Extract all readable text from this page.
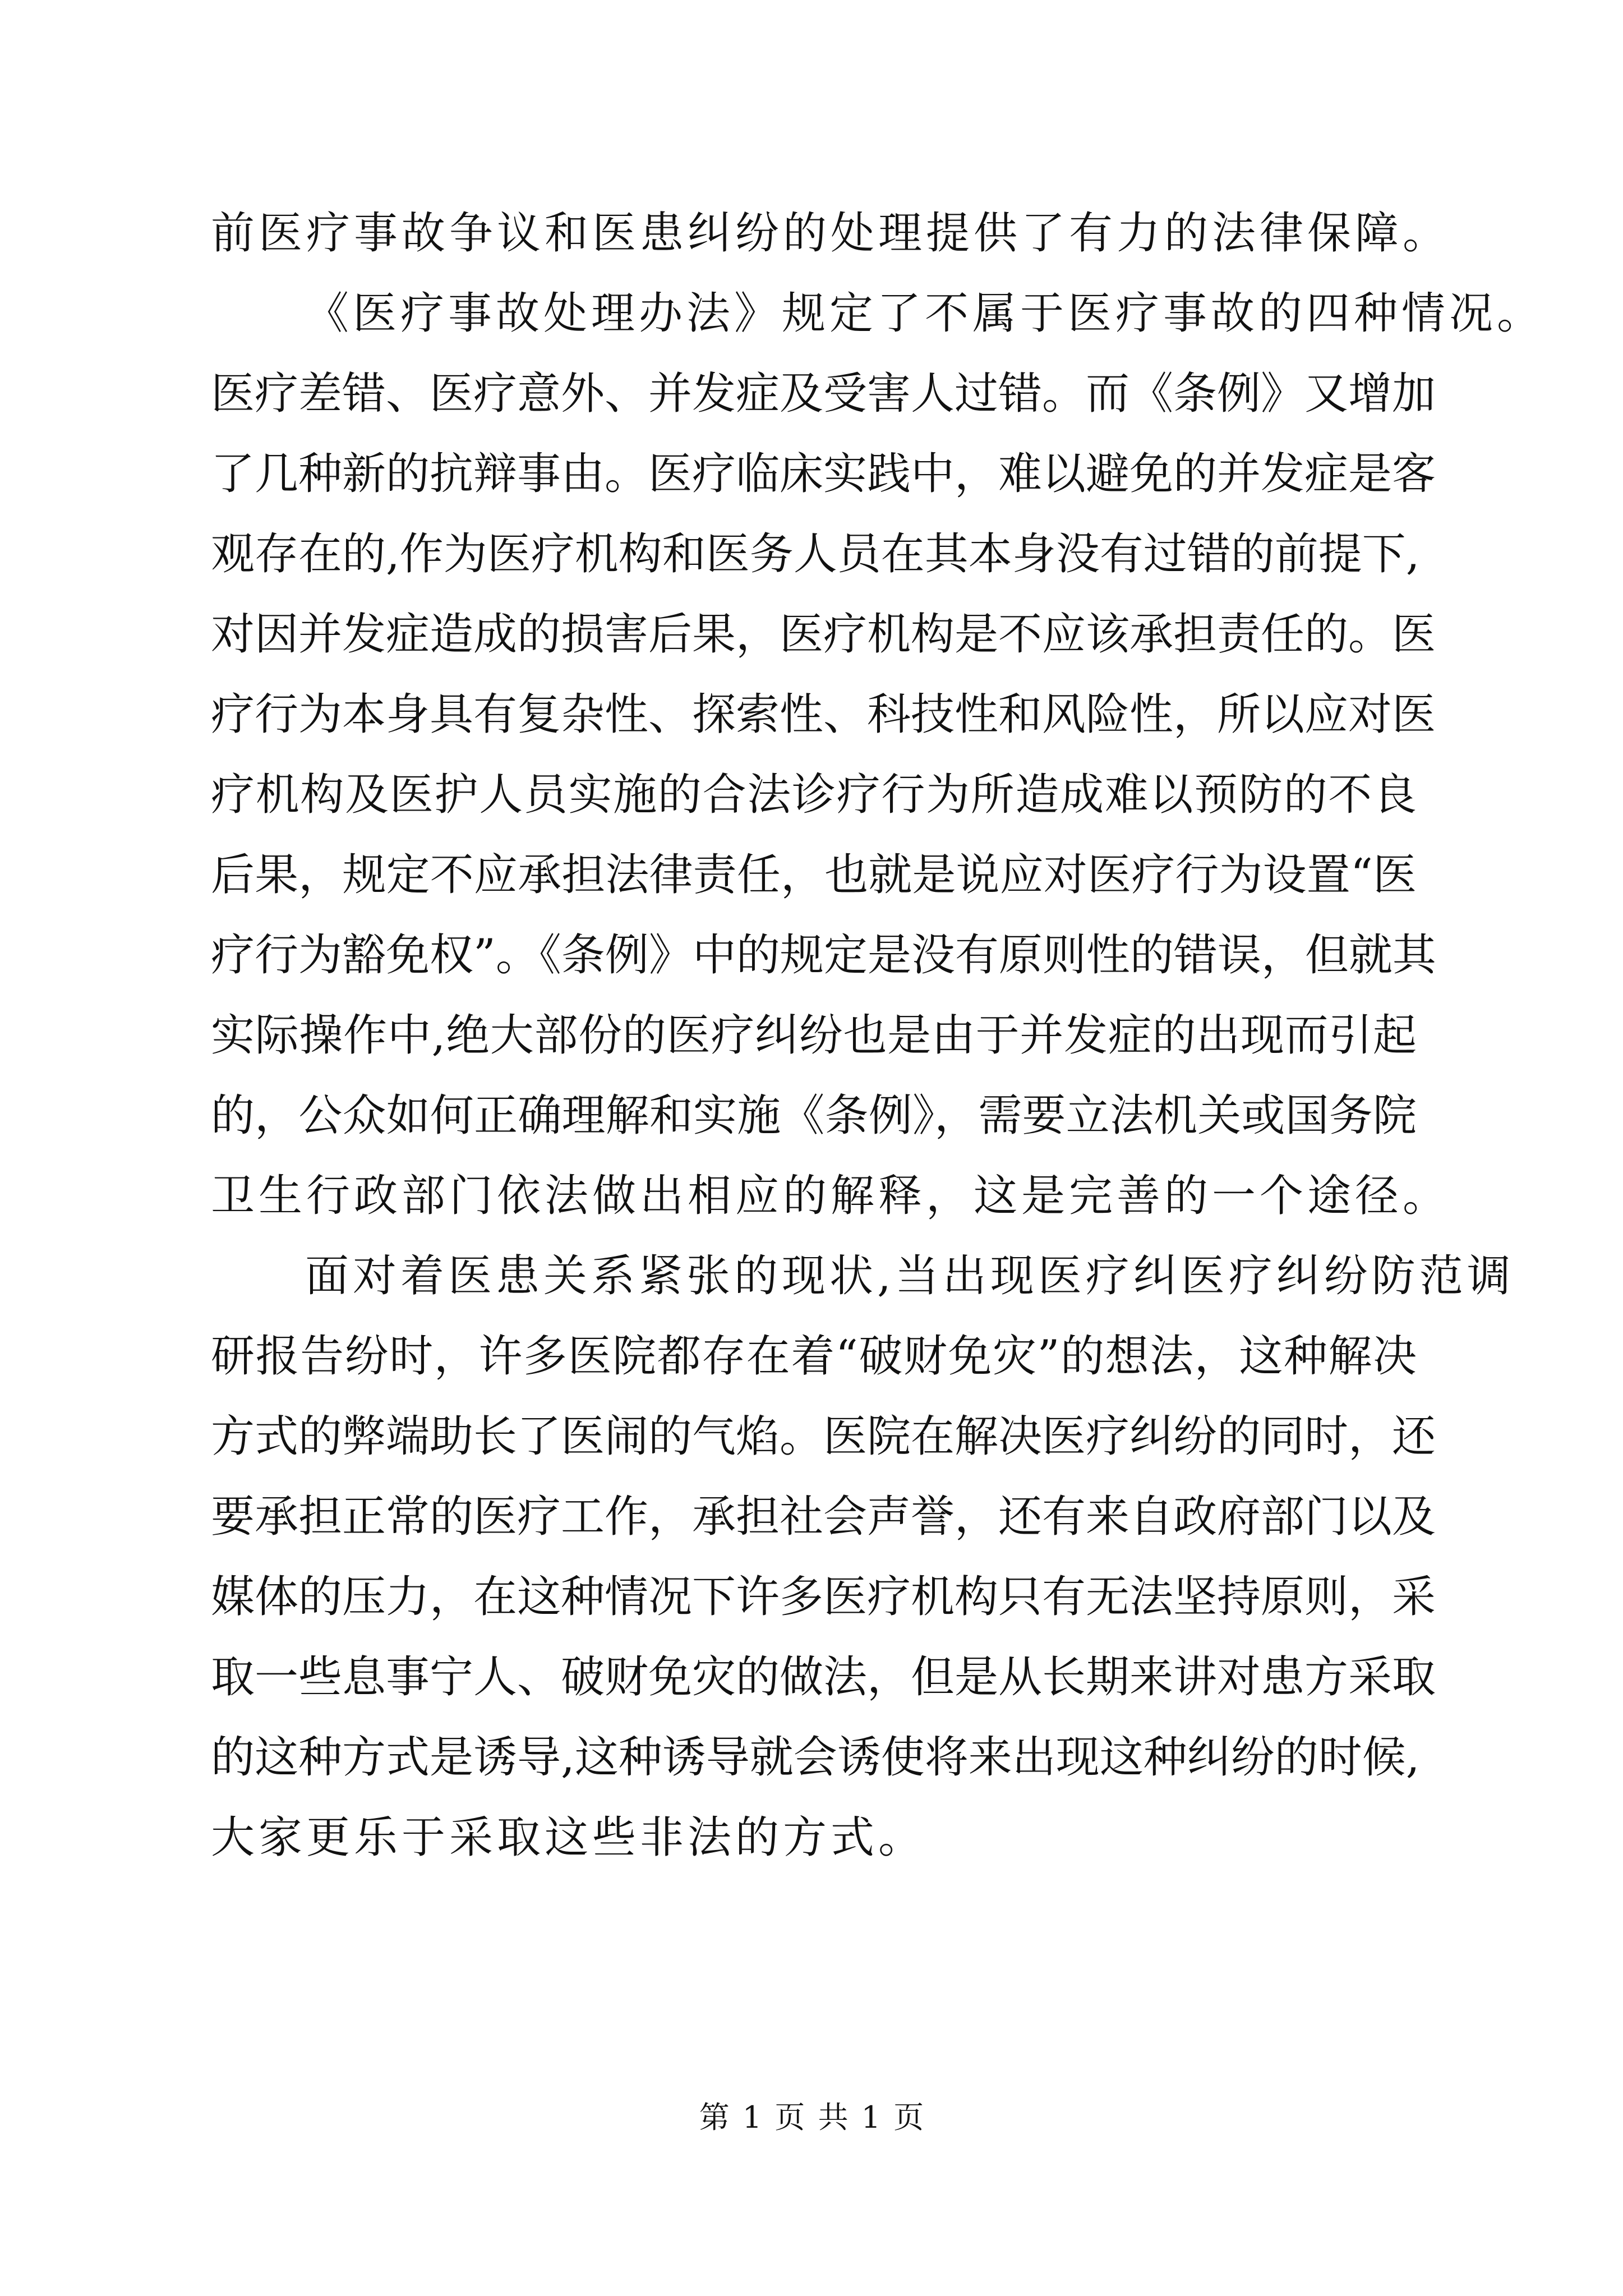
前医疗事故争议和医患纠纷的处理提供了有力的法律保障。
《医疗事故处理办法》规定了不属于医疗事故的四种情况。
医疗差错、医疗意外、并发症及受害人过错。而《条例》又增加
了几种新的抗辩事由。医疗临床实践中，难以避免的并发症是客
观存在的,作为医疗机构和医务人员在其本身没有过错的前提下,
对因并发症造成的损害后果，医疗机构是不应该承担责任的。医
疗行为本身具有复杂性、探索性、科技性和风险性，所以应对医
疗机构及医护人员实施的合法诊疗行为所造成难以预防的不良
后果，规定不应承担法律责任，也就是说应对医疗行为设置“医
疗行为豁免权”。《条例》中的规定是没有原则性的错误，但就其
实际操作中,绝大部份的医疗纠纷也是由于并发症的出现而引起
的，公众如何正确理解和实施《条例》，需要立法机关或国务院
卫生行政部门依法做出相应的解释，这是完善的一个途径。
面对着医患关系紧张的现状,当出现医疗纠医疗纠纷防范调
研报告纷时，许多医院都存在着“破财免灾”的想法，这种解决
方式的弊端助长了医闹的气焰。医院在解决医疗纠纷的同时，还
要承担正常的医疗工作，承担社会声誉，还有来自政府部门以及
媒体的压力，在这种情况下许多医疗机构只有无法坚持原则，采
取一些息事宁人、破财免灾的做法，但是从长期来讲对患方采取
的这种方式是诱导,这种诱导就会诱使将来出现这种纠纷的时候,
大家更乐于采取这些非法的方式。
第 1 页 共 1 页
